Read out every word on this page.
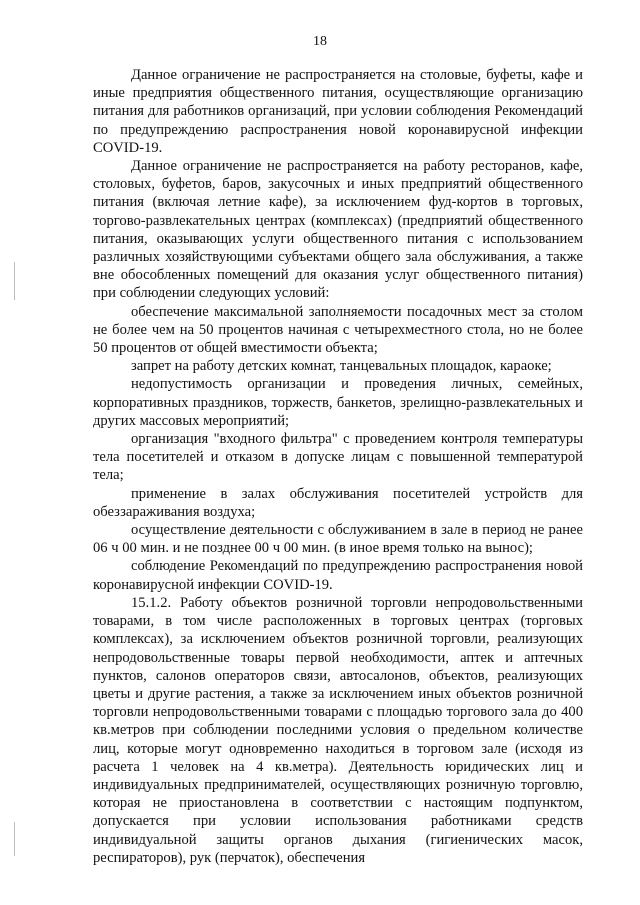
18

Данное ограничение не распространяется на столовые, буфеты, кафе и иные предприятия общественного питания, осуществляющие организацию питания для работников организаций, при условии соблюдения Рекомендаций по предупреждению распространения новой коронавирусной инфекции COVID-19.

Данное ограничение не распространяется на работу ресторанов, кафе, столовых, буфетов, баров, закусочных и иных предприятий общественного питания (включая летние кафе), за исключением фуд-кортов в торговых, торгово-развлекательных центрах (комплексах) (предприятий общественного питания, оказывающих услуги общественного питания с использованием различных хозяйствующими субъектами общего зала обслуживания, а также вне обособленных помещений для оказания услуг общественного питания) при соблюдении следующих условий:

обеспечение максимальной заполняемости посадочных мест за столом не более чем на 50 процентов начиная с четырехместного стола, но не более 50 процентов от общей вместимости объекта;

запрет на работу детских комнат, танцевальных площадок, караоке;

недопустимость организации и проведения личных, семейных, корпоративных праздников, торжеств, банкетов, зрелищно-развлекательных и других массовых мероприятий;

организация "входного фильтра" с проведением контроля температуры тела посетителей и отказом в допуске лицам с повышенной температурой тела;

применение в залах обслуживания посетителей устройств для обеззараживания воздуха;

осуществление деятельности с обслуживанием в зале в период не ранее 06 ч 00 мин. и не позднее 00 ч 00 мин. (в иное время только на вынос);

соблюдение Рекомендаций по предупреждению распространения новой коронавирусной инфекции COVID-19.

15.1.2. Работу объектов розничной торговли непродовольственными товарами, в том числе расположенных в торговых центрах (торговых комплексах), за исключением объектов розничной торговли, реализующих непродовольственные товары первой необходимости, аптек и аптечных пунктов, салонов операторов связи, автосалонов, объектов, реализующих цветы и другие растения, а также за исключением иных объектов розничной торговли непродовольственными товарами с площадью торгового зала до 400 кв.метров при соблюдении последними условия о предельном количестве лиц, которые могут одновременно находиться в торговом зале (исходя из расчета 1 человек на 4 кв.метра). Деятельность юридических лиц и индивидуальных предпринимателей, осуществляющих розничную торговлю, которая не приостановлена в соответствии с настоящим подпунктом, допускается при условии использования работниками средств индивидуальной защиты органов дыхания (гигиенических масок, респираторов), рук (перчаток), обеспечения
